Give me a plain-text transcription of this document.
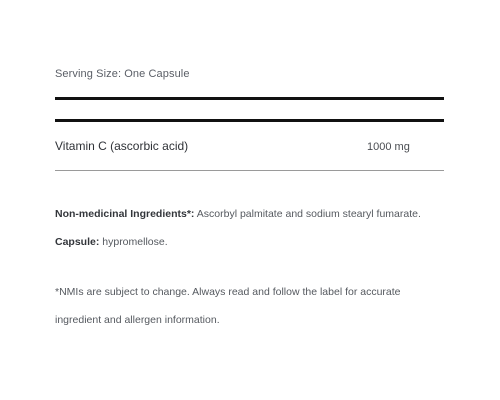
Serving Size: One Capsule
Vitamin C (ascorbic acid)	1000 mg
Non-medicinal Ingredients*: Ascorbyl palmitate and sodium stearyl fumarate.
Capsule: hypromellose.
*NMIs are subject to change. Always read and follow the label for accurate
ingredient and allergen information.
